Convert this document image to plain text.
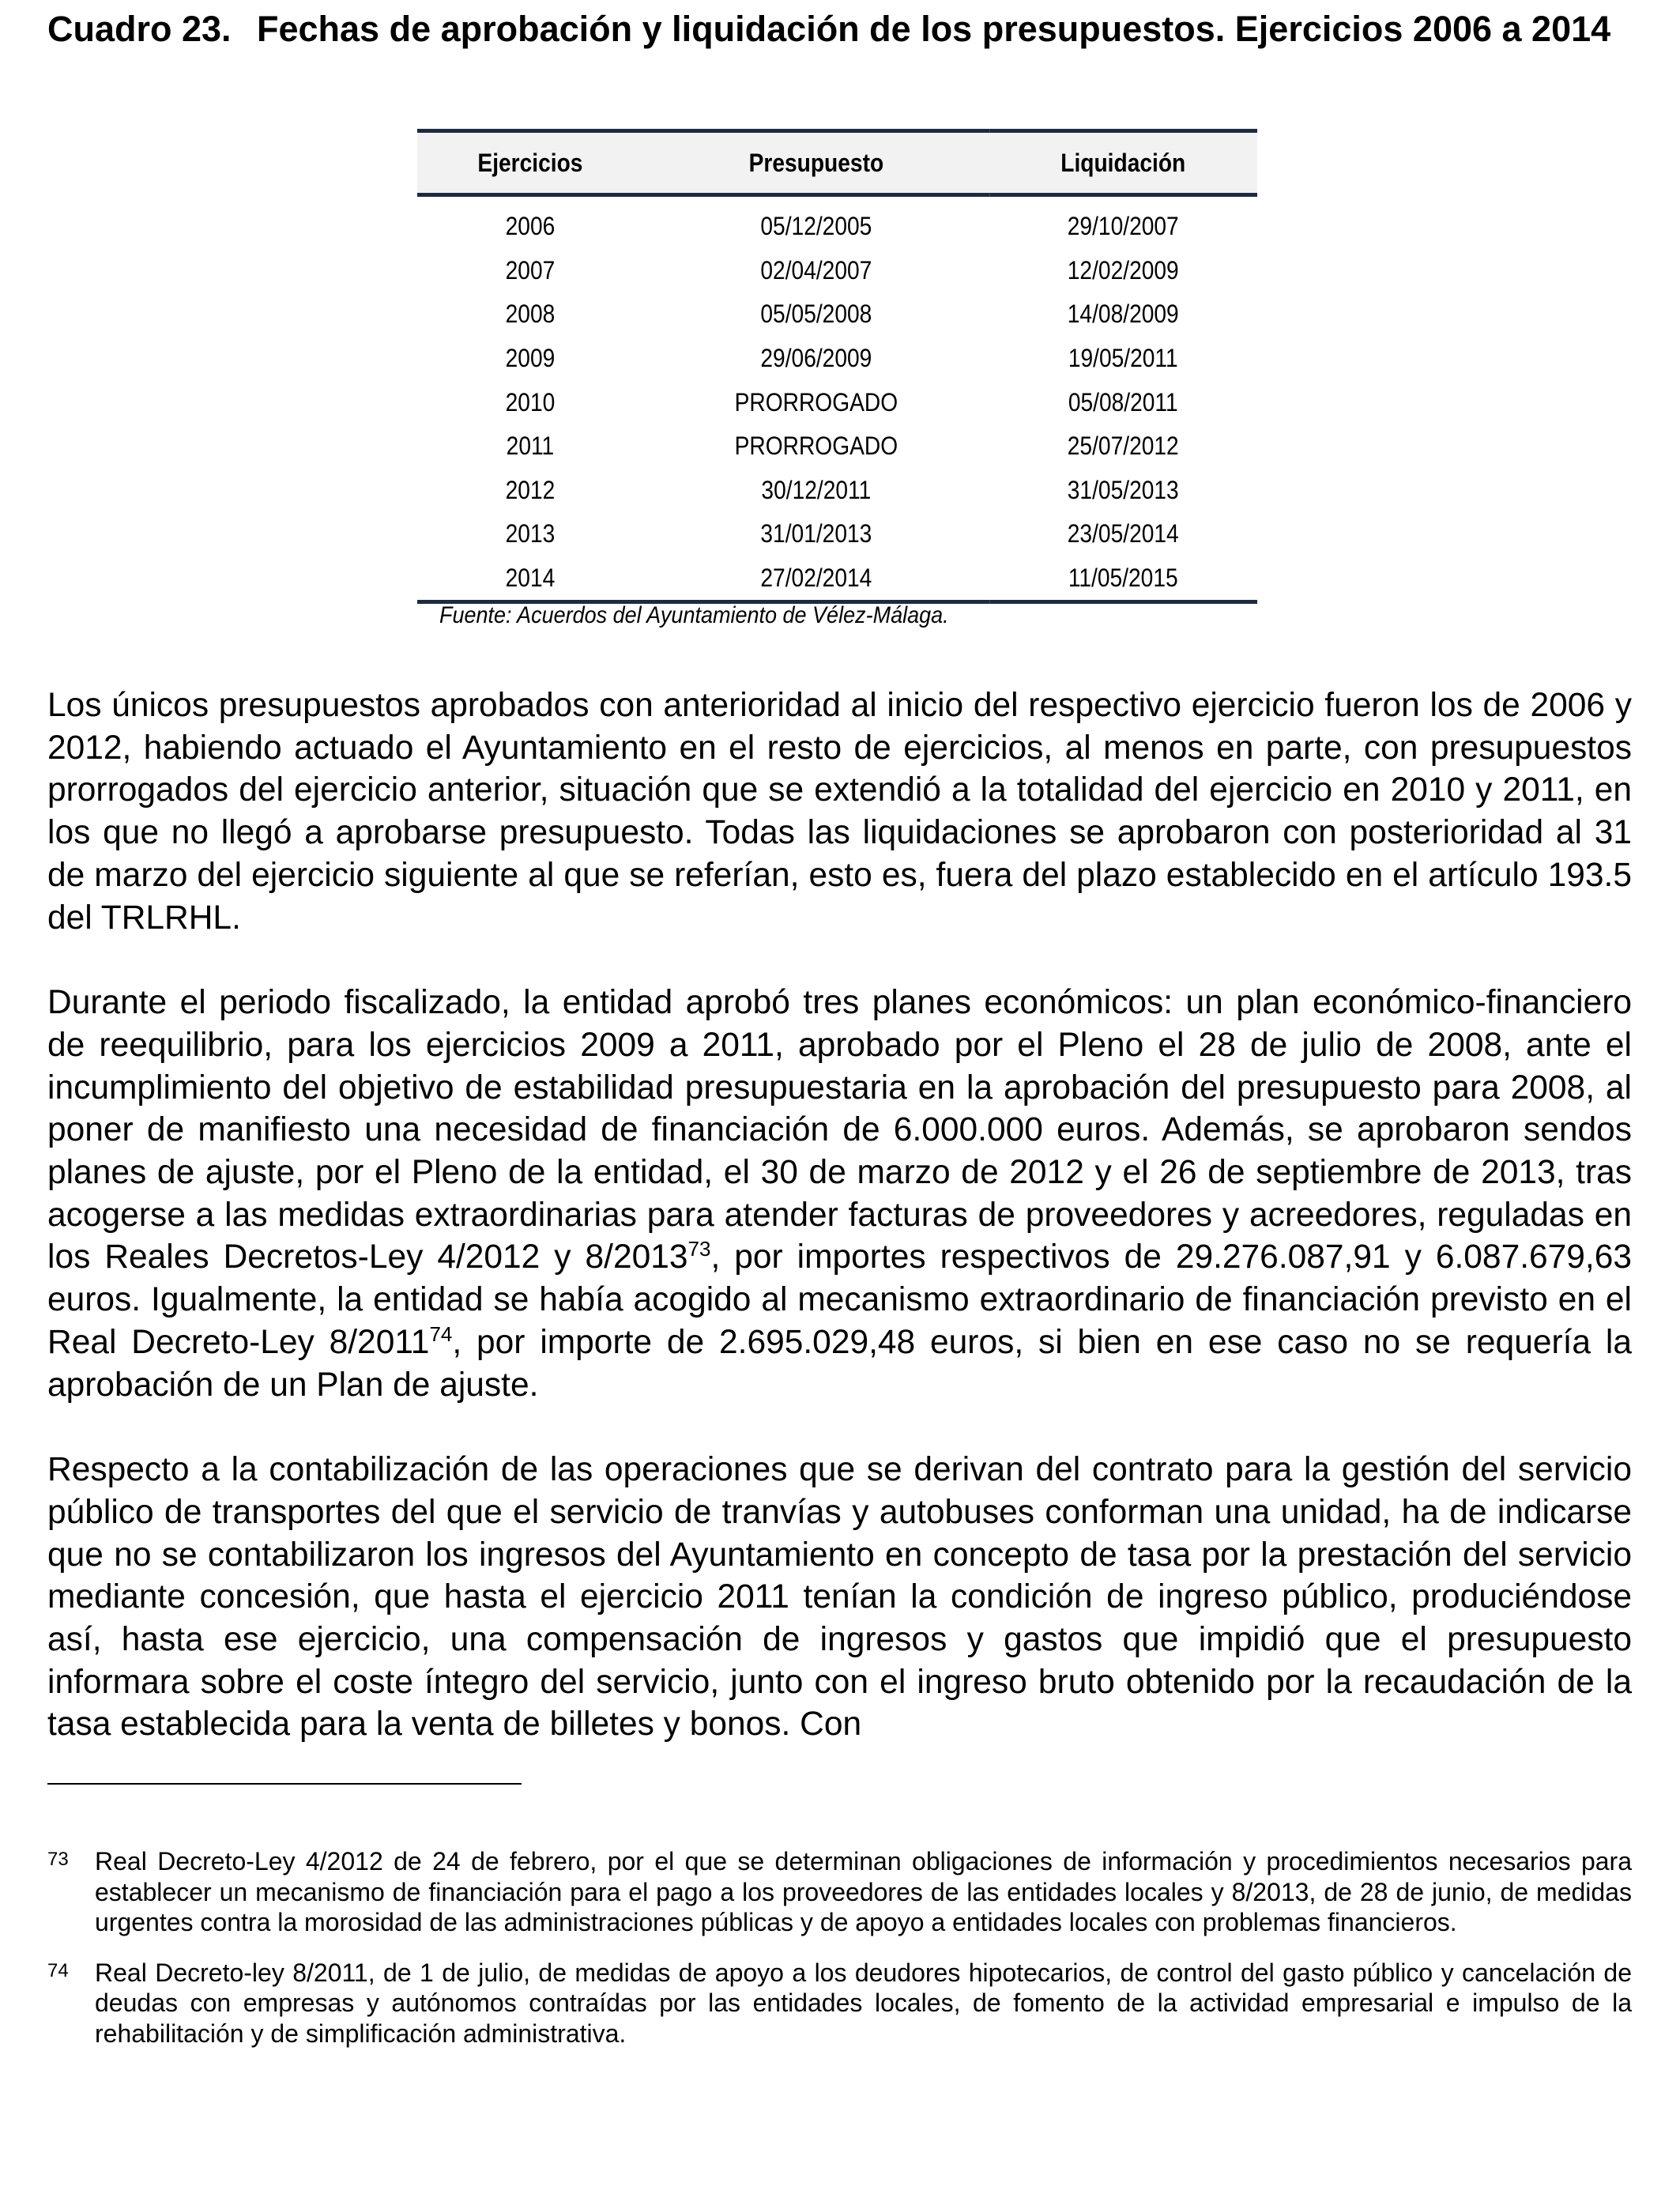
Cuadro 23. Fechas de aprobación y liquidación de los presupuestos. Ejercicios 2006 a 2014
Ejercicios	Presupuesto	Liquidación
2006	05/12/2005	29/10/2007
2007	02/04/2007	12/02/2009
2008	05/05/2008	14/08/2009
2009	29/06/2009	19/05/2011
2010	PRORROGADO	05/08/2011
2011	PRORROGADO	25/07/2012
2012	30/12/2011	31/05/2013
2013	31/01/2013	23/05/2014
2014	27/02/2014	11/05/2015
Fuente: Acuerdos del Ayuntamiento de Vélez-Málaga.

Los únicos presupuestos aprobados con anterioridad al inicio del respectivo ejercicio fueron los de 2006 y 2012, habiendo actuado el Ayuntamiento en el resto de ejercicios, al menos en parte, con presupuestos prorrogados del ejercicio anterior, situación que se extendió a la totalidad del ejercicio en 2010 y 2011, en los que no llegó a aprobarse presupuesto. Todas las liquidaciones se aprobaron con posterioridad al 31 de marzo del ejercicio siguiente al que se referían, esto es, fuera del plazo establecido en el artículo 193.5 del TRLRHL.

Durante el periodo fiscalizado, la entidad aprobó tres planes económicos: un plan económico-financiero de reequilibrio, para los ejercicios 2009 a 2011, aprobado por el Pleno el 28 de julio de 2008, ante el incumplimiento del objetivo de estabilidad presupuestaria en la aprobación del presupuesto para 2008, al poner de manifiesto una necesidad de financiación de 6.000.000 euros. Además, se aprobaron sendos planes de ajuste, por el Pleno de la entidad, el 30 de marzo de 2012 y el 26 de septiembre de 2013, tras acogerse a las medidas extraordinarias para atender facturas de proveedores y acreedores, reguladas en los Reales Decretos-Ley 4/2012 y 8/2013$^{73}$, por importes respectivos de 29.276.087,91 y 6.087.679,63 euros. Igualmente, la entidad se había acogido al mecanismo extraordinario de financiación previsto en el Real Decreto-Ley 8/2011$^{74}$, por importe de 2.695.029,48 euros, si bien en ese caso no se requería la aprobación de un Plan de ajuste.

Respecto a la contabilización de las operaciones que se derivan del contrato para la gestión del servicio público de transportes del que el servicio de tranvías y autobuses conforman una unidad, ha de indicarse que no se contabilizaron los ingresos del Ayuntamiento en concepto de tasa por la prestación del servicio mediante concesión, que hasta el ejercicio 2011 tenían la condición de ingreso público, produciéndose así, hasta ese ejercicio, una compensación de ingresos y gastos que impidió que el presupuesto informara sobre el coste íntegro del servicio, junto con el ingreso bruto obtenido por la recaudación de la tasa establecida para la venta de billetes y bonos. Con

73	Real Decreto-Ley 4/2012 de 24 de febrero, por el que se determinan obligaciones de información y procedimientos necesarios para establecer un mecanismo de financiación para el pago a los proveedores de las entidades locales y 8/2013, de 28 de junio, de medidas urgentes contra la morosidad de las administraciones públicas y de apoyo a entidades locales con problemas financieros.
74	Real Decreto-ley 8/2011, de 1 de julio, de medidas de apoyo a los deudores hipotecarios, de control del gasto público y cancelación de deudas con empresas y autónomos contraídas por las entidades locales, de fomento de la actividad empresarial e impulso de la rehabilitación y de simplificación administrativa.
